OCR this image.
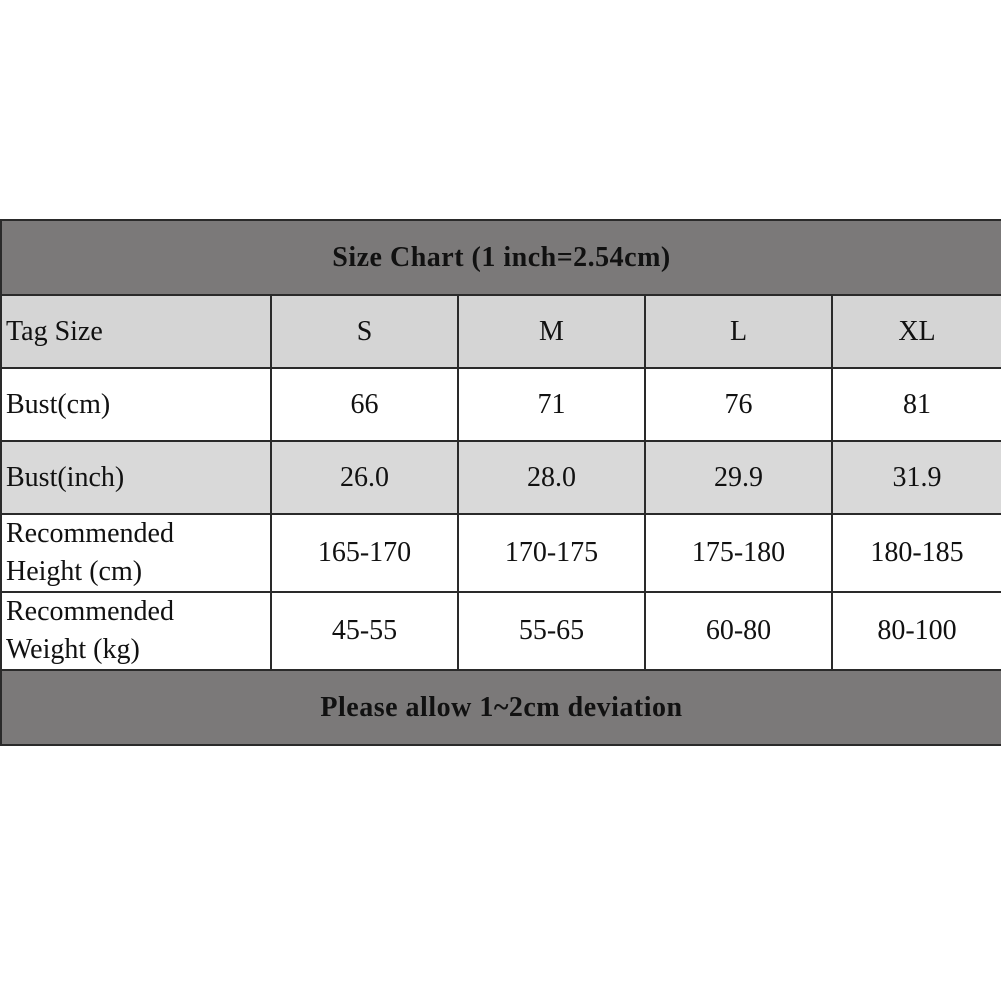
Size Chart (1 inch=2.54cm)				
Tag Size	S	M	L	XL
Bust(cm)	66	71	76	81
Bust(inch)	26.0	28.0	29.9	31.9

Recommended
Height (cm)	165-170	170-175	175-180	180-185

Recommended
Weight (kg)	45-55	55-65	60-80	80-100
Please allow 1~2cm deviation				
